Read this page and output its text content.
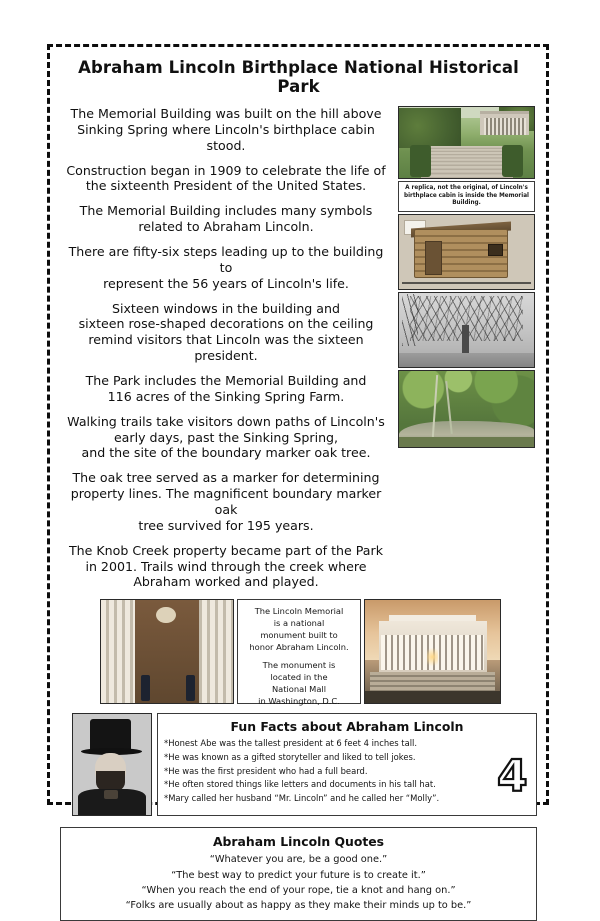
Abraham Lincoln Birthplace National Historical Park

The Memorial Building was built on the hill above
Sinking Spring where Lincoln's birthplace cabin stood.

Construction began in 1909 to celebrate the life of
the sixteenth President of the United States.

The Memorial Building includes many symbols
related to Abraham Lincoln.

There are fifty-six steps leading up to the building to
represent the 56 years of Lincoln's life.

Sixteen windows in the building and
sixteen rose-shaped decorations on the ceiling
remind visitors that Lincoln was the sixteen president.

The Park includes the Memorial Building and
116 acres of the Sinking Spring Farm.

Walking trails take visitors down paths of Lincoln's
early days, past the Sinking Spring,
and the site of the boundary marker oak tree.

The oak tree served as a marker for determining
property lines. The magnificent boundary marker oak
tree survived for 195 years.

The Knob Creek property became part of the Park
in 2001. Trails wind through the creek where
Abraham worked and played.

A replica, not the original, of Lincoln's birthplace cabin is inside the Memorial Building.

The Lincoln Memorial
is a national
monument built to
honor Abraham Lincoln.

The monument is
located in the
National Mall
in Washington, D.C.

Fun Facts about Abraham Lincoln

*Honest Abe was the tallest president at 6 feet 4 inches tall.

*He was known as a gifted storyteller and liked to tell jokes.

*He was the first president who had a full beard.

*He often stored things like letters and documents in his tall hat.

*Mary called her husband “Mr. Lincoln” and he called her “Molly”.

Abraham Lincoln Quotes

“Whatever you are, be a good one.”

“The best way to predict your future is to create it.”

“When you reach the end of your rope, tie a knot and hang on.”

“Folks are usually about as happy as they make their minds up to be.”

4
